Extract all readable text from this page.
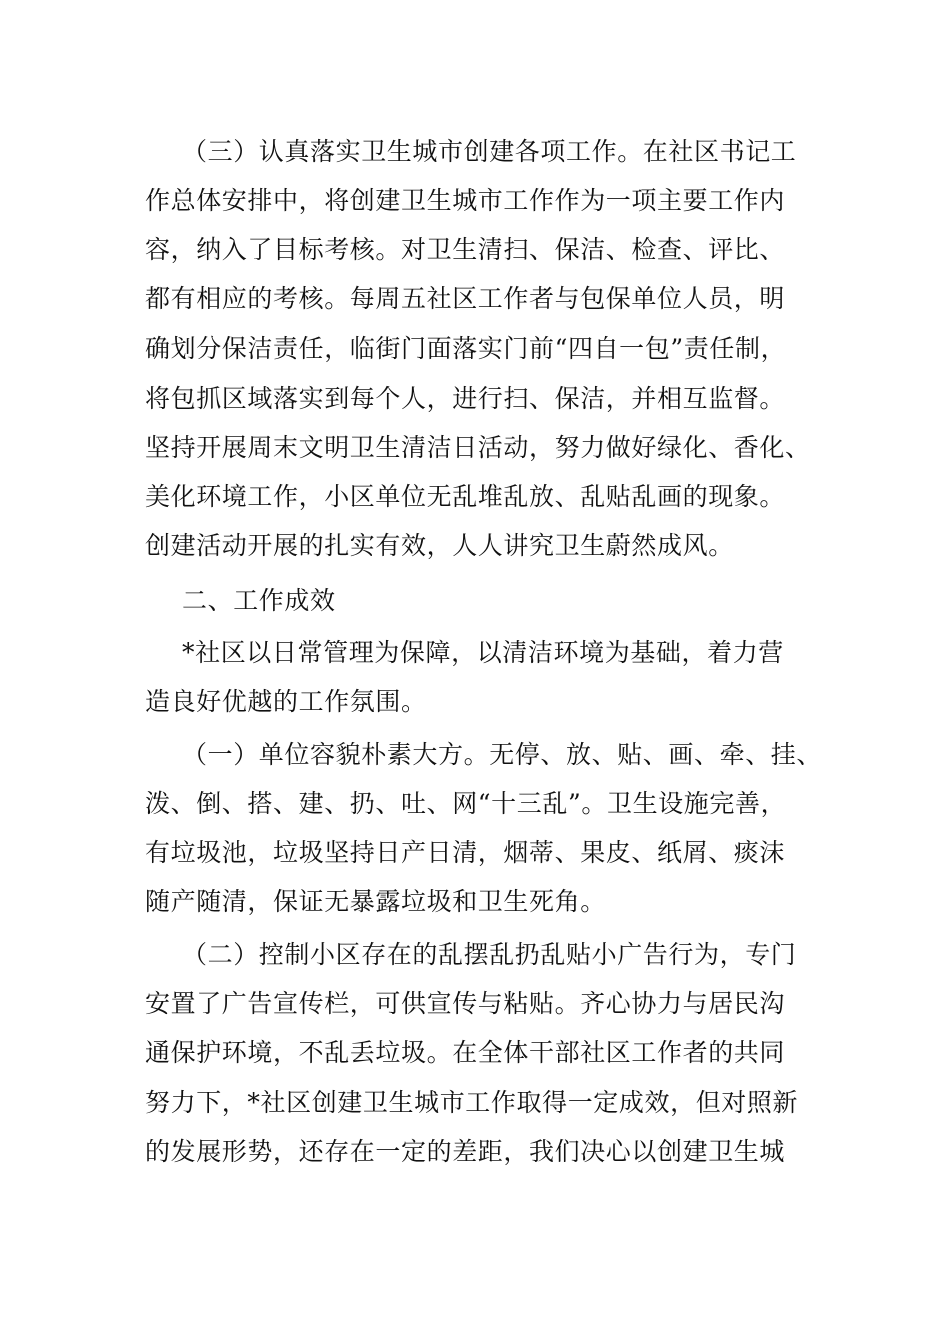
（三）认真落实卫生城市创建各项工作。在社区书记工
作总体安排中，将创建卫生城市工作作为一项主要工作内
容，纳入了目标考核。对卫生清扫、保洁、检查、评比、
都有相应的考核。每周五社区工作者与包保单位人员，明
确划分保洁责任，临街门面落实门前“四自一包”责任制，
将包抓区域落实到每个人，进行扫、保洁，并相互监督。
坚持开展周末文明卫生清洁日活动，努力做好绿化、香化、
美化环境工作，小区单位无乱堆乱放、乱贴乱画的现象。
创建活动开展的扎实有效，人人讲究卫生蔚然成风。
二、工作成效
*社区以日常管理为保障，以清洁环境为基础，着力营
造良好优越的工作氛围。
（一）单位容貌朴素大方。无停、放、贴、画、牵、挂、
泼、倒、搭、建、扔、吐、网“十三乱”。卫生设施完善，
有垃圾池，垃圾坚持日产日清，烟蒂、果皮、纸屑、痰沫
随产随清，保证无暴露垃圾和卫生死角。
（二）控制小区存在的乱摆乱扔乱贴小广告行为，专门
安置了广告宣传栏，可供宣传与粘贴。齐心协力与居民沟
通保护环境，不乱丢垃圾。在全体干部社区工作者的共同
努力下，*社区创建卫生城市工作取得一定成效，但对照新
的发展形势，还存在一定的差距，我们决心以创建卫生城
